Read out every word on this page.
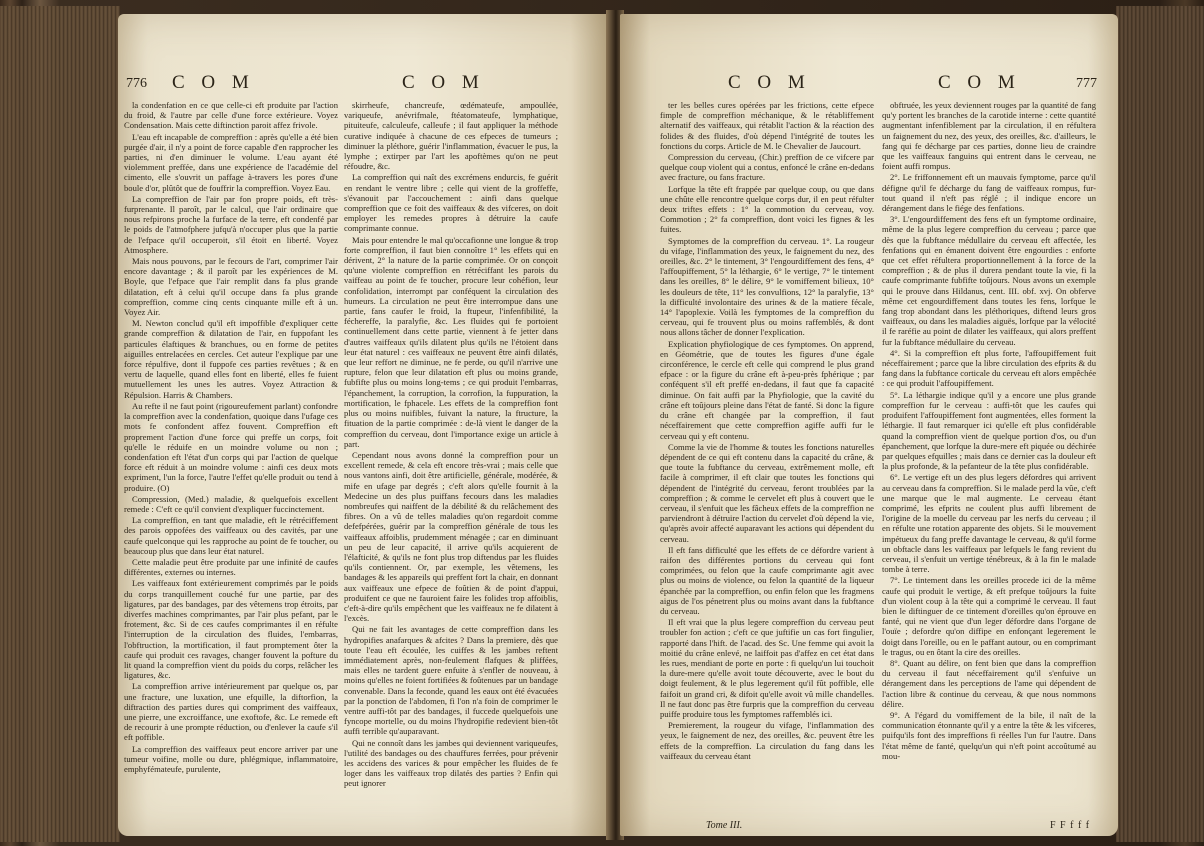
776 C O M	C O M

la condenfation en ce que celle-ci eft produite par l'action du froid, & l'autre par celle d'une force extérieure. Voyez Condensation. Mais cette diftinction paroit affez frivole.

L'eau eft incapable de compreffion : après qu'elle a été bien purgée d'air, il n'y a point de force capable d'en rapprocher les parties, ni d'en diminuer le volume. L'eau ayant été violemment preffée, dans une expérience de l'académie del cimento, elle s'ouvrit un paffage à-travers les pores d'une boule d'or, plûtôt que de fouffrir la compreffion. Voyez Eau.

La compreffion de l'air par fon propre poids, eft très-furprenante. Il paroît, par le calcul, que l'air ordinaire que nous refpirons proche la furface de la terre, eft condenfé par le poids de l'atmofphere jufqu'à n'occuper plus que la partie de l'efpace qu'il occuperoit, s'il étoit en liberté. Voyez Atmosphere.

Mais nous pouvons, par le fecours de l'art, comprimer l'air encore davantage ; & il paroît par les expériences de M. Boyle, que l'efpace que l'air remplit dans fa plus grande dilatation, eft à celui qu'il occupe dans fa plus grande compreffion, comme cinq cents cinquante mille eft à un. Voyez Air.

M. Newton conclud qu'il eft impoffible d'expliquer cette grande compreffion & dilatation de l'air, en fuppofant les particules élaftiques & branchues, ou en forme de petites aiguilles entrelacées en cercles. Cet auteur l'explique par une force répulfive, dont il fuppofe ces parties revêtues ; & en vertu de laquelle, quand elles font en liberté, elles fe fuient mutuellement les unes les autres. Voyez Attraction & Répulsion. Harris & Chambers.

Au refte il ne faut point (rigoureufement parlant) confondre la compreffion avec la condenfation, quoique dans l'ufage ces mots fe confondent affez fouvent. Compreffion eft proprement l'action d'une force qui preffe un corps, foit qu'elle le réduife en un moindre volume ou non ; condenfation eft l'état d'un corps qui par l'action de quelque force eft réduit à un moindre volume : ainfi ces deux mots expriment, l'un la force, l'autre l'effet qu'elle produit ou tend à produire. (O)

Compression, (Med.) maladie, & quelquefois excellent remede : C'eft ce qu'il convient d'expliquer fuccinctement.

La compreffion, en tant que maladie, eft le rétréciffement des parois oppofées des vaiffeaux ou des cavités, par une caufe quelconque qui les rapproche au point de fe toucher, ou beaucoup plus que dans leur état naturel.

Cette maladie peut être produite par une infinité de caufes différentes, externes ou internes.

Les vaiffeaux font extérieurement comprimés par le poids du corps tranquillement couché fur une partie, par des ligatures, par des bandages, par des vêtemens trop étroits, par diverfes machines comprimantes, par l'air plus pefant, par le frotement, &c. Si de ces caufes comprimantes il en réfulte l'interruption de la circulation des fluides, l'embarras, l'obftruction, la mortification, il faut promptement ôter la caufe qui produit ces ravages, changer fouvent la pofture du lit quand la compreffion vient du poids du corps, relâcher les ligatures, &c.

La compreffion arrive intérieurement par quelque os, par une fracture, une luxation, une efquille, la diftorfion, la diftraction des parties dures qui compriment des vaiffeaux, une pierre, une excroiffance, une exoftofe, &c. Le remede eft de recourir à une prompte réduction, ou d'enlever la caufe s'il eft poffible.

La compreffion des vaiffeaux peut encore arriver par une tumeur voifine, molle ou dure, phlégmique, inflammatoire, emphyfémateufe, purulente,

skirrheufe, chancreufe, œdémateufe, ampoullée, variqueufe, anévrifmale, ftéatomateufe, lymphatique, pituiteufe, calculeufe, calleufe ; il faut appliquer la méthode curative indiquée à chacune de ces efpeces de tumeurs ; diminuer la pléthore, guérir l'inflammation, évacuer le pus, la lymphe ; extirper par l'art les apoftèmes qu'on ne peut réfoudre, &c.

La compreffion qui naît des excrémens endurcis, fe guérit en rendant le ventre libre ; celle qui vient de la groffeffe, s'évanouit par l'accouchement : ainfi dans quelque compreffion que ce foit des vaiffeaux & des vifceres, on doit employer les remedes propres à détruire la caufe comprimante connue.

Mais pour entendre le mal qu'occafionne une longue & trop forte compreffion, il faut bien connoître 1° les effets qui en dérivent, 2° la nature de la partie comprimée. Or on conçoit qu'une violente compreffion en rétréciffant les parois du vaiffeau au point de fe toucher, procure leur cohéfion, leur confolidation, interrompt par conféquent la circulation des humeurs. La circulation ne peut être interrompue dans une partie, fans caufer le froid, la ftupeur, l'infenfibilité, la féchereffe, la paralyfie, &c. Les fluides qui fe portoient continuellement dans cette partie, viennent à fe jetter dans d'autres vaiffeaux qu'ils dilatent plus qu'ils ne l'étoient dans leur état naturel : ces vaiffeaux ne peuvent être ainfi dilatés, que leur reffort ne diminue, ne fe perde, ou qu'il n'arrive une rupture, felon que leur dilatation eft plus ou moins grande, fubfifte plus ou moins long-tems ; ce qui produit l'embarras, l'épanchement, la corruption, la corrofion, la fuppuration, la mortification, le fphacele. Les effets de la compreffion font plus ou moins nuifibles, fuivant la nature, la ftructure, la fituation de la partie comprimée : de-là vient le danger de la compreffion du cerveau, dont l'importance exige un article à part.

Cependant nous avons donné la compreffion pour un excellent remede, & cela eft encore très-vrai ; mais celle que nous vantons ainfi, doit être artificielle, générale, modérée, & mife en ufage par degrés ; c'eft alors qu'elle fournit à la Medecine un des plus puiffans fecours dans les maladies nombreufes qui naiffent de la débilité & du relâchement des fibres. On a vû de telles maladies qu'on regardoit comme defefpérées, guérir par la compreffion générale de tous les vaiffeaux affoiblis, prudemment ménagée ; car en diminuant un peu de leur capacité, il arrive qu'ils acquierent de l'élafticité, & qu'ils ne font plus trop diftendus par les fluides qu'ils contiennent. Or, par exemple, les vêtemens, les bandages & les appareils qui preffent fort la chair, en donnant aux vaiffeaux une efpece de foûtien & de point d'appui, produifent ce que ne fauroient faire les folides trop affoiblis, c'eft-à-dire qu'ils empêchent que les vaiffeaux ne fe dilatent à l'excès.

Qui ne fait les avantages de cette compreffion dans les hydropifies anafarques & afcites ? Dans la premiere, dès que toute l'eau eft écoulée, les cuiffes & les jambes reftent immédiatement après, non-feulement flafques & pliffées, mais elles ne tardent guere enfuite à s'enfler de nouveau, à moins qu'elles ne foient fortifiées & foûtenues par un bandage convenable. Dans la feconde, quand les eaux ont été évacuées par la ponction de l'abdomen, fi l'on n'a foin de comprimer le ventre auffi-tôt par des bandages, il fuccede quelquefois une fyncope mortelle, ou du moins l'hydropifie redevient bien-tôt auffi terrible qu'auparavant.

Qui ne connoît dans les jambes qui deviennent variqueufes, l'utilité des bandages ou des chauffures ferrées, pour prévenir les accidens des varices & pour empêcher les fluides de fe loger dans les vaiffeaux trop dilatés des parties ? Enfin qui peut ignorer

C O M	C O M	777

ter les belles cures opérées par les frictions, cette efpece fimple de compreffion méchanique, & le rétabliffement alternatif des vaiffeaux, qui rétablit l'action & la réaction des folides & des fluides, d'où dépend l'intégrité de toutes les fonctions du corps. Article de M. le Chevalier de Jaucourt.

Compression du cerveau, (Chir.) preffion de ce vifcere par quelque coup violent qui a contus, enfoncé le crâne en-dedans avec fracture, ou fans fracture.

Lorfque la tête eft frappée par quelque coup, ou que dans une chûte elle rencontre quelque corps dur, il en peut réfulter deux triftes effets : 1° la commotion du cerveau, voy. Commotion ; 2° fa compreffion, dont voici les fignes & les fuites.

Symptomes de la compreffion du cerveau. 1°. La rougeur du vifage, l'inflammation des yeux, le faignement du nez, des oreilles, &c. 2° le tintement, 3° l'engourdiffement des fens, 4° l'affoupiffement, 5° la léthargie, 6° le vertige, 7° le tintement dans les oreilles, 8° le délire, 9° le vomiffement bilieux, 10° les douleurs de tête, 11° les convulfions, 12° la paralyfie, 13° la difficulté involontaire des urines & de la matiere fécale, 14° l'apoplexie. Voilà les fymptomes de la compreffion du cerveau, qui fe trouvent plus ou moins raffemblés, & dont nous allons tâcher de donner l'explication.

Explication phyfiologique de ces fymptomes. On apprend, en Géométrie, que de toutes les figures d'une égale circonférence, le cercle eft celle qui comprend le plus grand efpace : or la figure du crâne eft à-peu-près fphérique ; par conféquent s'il eft preffé en-dedans, il faut que fa capacité diminue. On fait auffi par la Phyfiologie, que la cavité du crâne eft toûjours pleine dans l'état de fanté. Si donc la figure du crâne eft changée par la compreffion, il faut néceffairement que cette compreffion agiffe auffi fur le cerveau qui y eft contenu.

Comme la vie de l'homme & toutes les fonctions naturelles dépendent de ce qui eft contenu dans la capacité du crâne, & que toute la fubftance du cerveau, extrêmement molle, eft facile à comprimer, il eft clair que toutes les fonctions qui dépendent de l'intégrité du cerveau, feront troublées par la compreffion ; & comme le cervelet eft plus à couvert que le cerveau, il s'enfuit que les fâcheux effets de la compreffion ne parviendront à détruire l'action du cervelet d'où dépend la vie, qu'après avoir affecté auparavant les actions qui dépendent du cerveau.

Il eft fans difficulté que les effets de ce défordre varient à raifon des différentes portions du cerveau qui font comprimées, ou felon que la caufe comprimante agit avec plus ou moins de violence, ou felon la quantité de la liqueur épanchée par la compreffion, ou enfin felon que les fragmens aigus de l'os pénetrent plus ou moins avant dans la fubftance du cerveau.

Il eft vrai que la plus legere compreffion du cerveau peut troubler fon action ; c'eft ce que juftifie un cas fort fingulier, rapporté dans l'hift. de l'acad. des Sc. Une femme qui avoit la moitié du crâne enlevé, ne laiffoit pas d'affez en cet état dans les rues, mendiant de porte en porte : fi quelqu'un lui touchoit la dure-mere qu'elle avoit toute découverte, avec le bout du doigt feulement, & le plus legerement qu'il fût poffible, elle faifoit un grand cri, & difoit qu'elle avoit vû mille chandelles. Il ne faut donc pas être furpris que la compreffion du cerveau puiffe produire tous les fymptomes raffemblés ici.

Premierement, la rougeur du vifage, l'inflammation des yeux, le faignement de nez, des oreilles, &c. peuvent être les effets de la compreffion. La circulation du fang dans les vaiffeaux du cerveau étant

obftruée, les yeux deviennent rouges par la quantité de fang qu'y portent les branches de la carotide interne : cette quantité augmentant infenfiblement par la circulation, il en réfultera un faignement du nez, des yeux, des oreilles, &c. d'ailleurs, le fang qui fe décharge par ces parties, donne lieu de craindre que les vaiffeaux fanguins qui entrent dans le cerveau, ne foient auffi rompus.

2°. Le friffonnement eft un mauvais fymptome, parce qu'il défigne qu'il fe décharge du fang de vaiffeaux rompus, fur-tout quand il n'eft pas réglé ; il indique encore un dérangement dans le fiége des fenfations.

3°. L'engourdiffement des fens eft un fymptome ordinaire, même de la plus legere compreffion du cerveau ; parce que dès que la fubftance médullaire du cerveau eft affectée, les fenfations qui en émanent doivent être engourdies : enforte que cet effet réfultera proportionnellement à la force de la compreffion ; & de plus il durera pendant toute la vie, fi la caufe comprimante fubfifte toûjours. Nous avons un exemple qui le prouve dans Hildanus, cent. III. obf. xvj. On obferve même cet engourdiffement dans toutes les fens, lorfque le fang trop abondant dans les pléthoriques, diftend leurs gros vaiffeaux, ou dans les maladies aiguës, lorfque par la vélocité il fe raréfie au point de dilater les vaiffeaux, qui alors preffent fur la fubftance médullaire du cerveau.

4°. Si la compreffion eft plus forte, l'affoupiffement fuit néceffairement ; parce que la libre circulation des efprits & du fang dans la fubftance corticale du cerveau eft alors empêchée : ce qui produit l'affoupiffement.

5°. La léthargie indique qu'il y a encore une plus grande compreffion fur le cerveau : auffi-tôt que les caufes qui produifent l'affoupiffement font augmentées, elles forment la léthargie. Il faut remarquer ici qu'elle eft plus confidérable quand la compreffion vient de quelque portion d'os, ou d'un épanchement, que lorfque la dure-mere eft piquée ou déchirée par quelques efquilles ; mais dans ce dernier cas la douleur eft la plus profonde, & la pefanteur de la tête plus confidérable.

6°. Le vertige eft un des plus legers défordres qui arrivent au cerveau dans fa compreffion. Si le malade perd la vûe, c'eft une marque que le mal augmente. Le cerveau étant comprimé, les efprits ne coulent plus auffi librement de l'origine de la moelle du cerveau par les nerfs du cerveau ; il en réfulte une rotation apparente des objets. Si le mouvement impétueux du fang preffe davantage le cerveau, & qu'il forme un obftacle dans les vaiffeaux par lefquels le fang revient du cerveau, il s'enfuit un vertige ténébreux, & à la fin le malade tombe à terre.

7°. Le tintement dans les oreilles procede ici de la même caufe qui produit le vertige, & eft prefque toûjours la fuite d'un violent coup à la tête qui a comprimé le cerveau. Il faut bien le diftinguer de ce tintement d'oreilles qu'on éprouve en fanté, qui ne vient que d'un leger défordre dans l'organe de l'ouïe ; defordre qu'on diffipe en enfonçant legerement le doigt dans l'oreille, ou en le paffant autour, ou en comprimant le tragus, ou en ôtant la cire des oreilles.

8°. Quant au délire, on fent bien que dans la compreffion du cerveau il faut néceffairement qu'il s'enfuive un dérangement dans les perceptions de l'ame qui dépendent de l'action libre & continue du cerveau, & que nous nommons délire.

9°. A l'égard du vomiffement de la bile, il naît de la communication étonnante qu'il y a entre la tête & les vifceres, puifqu'ils font des impreffions fi réelles l'un fur l'autre. Dans l'état même de fanté, quelqu'un qui n'eft point accoûtumé au mou-

Tome III.	F F f f f
